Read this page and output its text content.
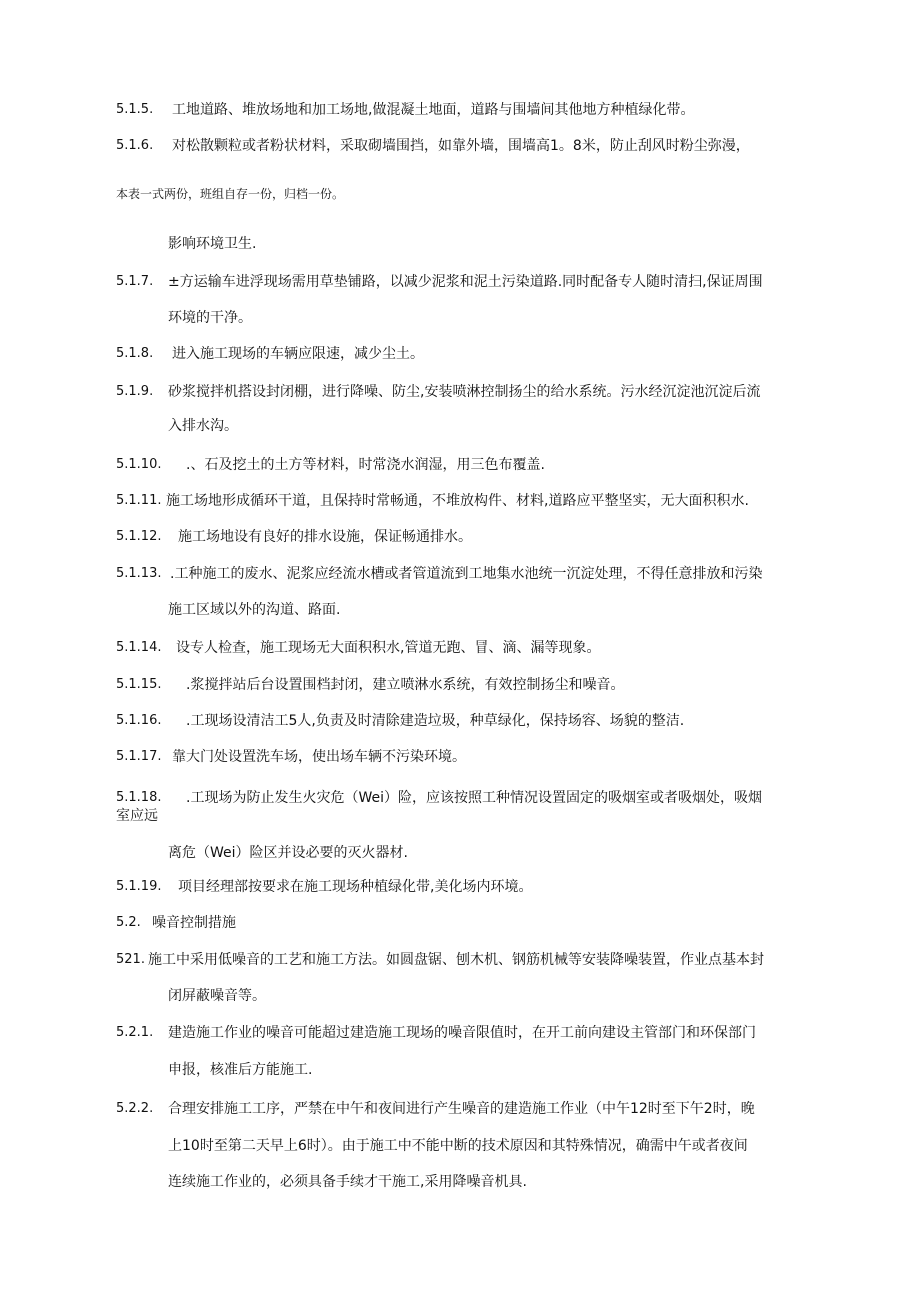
5.1.5. 工地道路、堆放场地和加工场地,做混凝土地面，道路与围墙间其他地方种植绿化带。
5.1.6. 对松散颗粒或者粉状材料，采取砌墙围挡，如靠外墙，围墙高1。8米，防止刮风时粉尘弥漫，
本表一式两份，班组自存一份，归档一份。
影响环境卫生.
5.1.7. ±方运输车进浮现场需用草垫铺路，以减少泥浆和泥土污染道路.同时配备专人随时清扫,保证周围
环境的干净。
5.1.8. 进入施工现场的车辆应限速，减少尘土。
5.1.9. 砂浆搅拌机搭设封闭棚，进行降噪、防尘,安装喷淋控制扬尘的给水系统。污水经沉淀池沉淀后流
入排水沟。
5.1.10. .、石及挖土的土方等材料，时常浇水润湿，用三色布覆盖.
5.1.11. 施工场地形成循环干道，且保持时常畅通，不堆放构件、材料,道路应平整坚实，无大面积积水.
5.1.12. 施工场地设有良好的排水设施，保证畅通排水。
5.1.13. .工种施工的废水、泥浆应经流水槽或者管道流到工地集水池统一沉淀处理，不得任意排放和污染
施工区域以外的沟道、路面.
5.1.14. 设专人检查，施工现场无大面积积水,管道无跑、冒、滴、漏等现象。
5.1.15. .浆搅拌站后台设置围档封闭，建立喷淋水系统，有效控制扬尘和噪音。
5.1.16. .工现场设清洁工5人,负责及时清除建造垃圾，种草绿化，保持场容、场貌的整洁.
5.1.17. 靠大门处设置洗车场，使出场车辆不污染环境。
5.1.18. .工现场为防止发生火灾危（Wei）险，应该按照工种情况设置固定的吸烟室或者吸烟处，吸烟
室应远
离危（Wei）险区并设必要的灭火器材.
5.1.19. 项目经理部按要求在施工现场种植绿化带,美化场内环境。
5.2. 噪音控制措施
521. 施工中采用低噪音的工艺和施工方法。如圆盘锯、刨木机、钢筋机械等安装降噪装置，作业点基本封
闭屏蔽噪音等。
5.2.1. 建造施工作业的噪音可能超过建造施工现场的噪音限值时，在开工前向建设主管部门和环保部门
申报，核准后方能施工.
5.2.2. 合理安排施工工序，严禁在中午和夜间进行产生噪音的建造施工作业（中午12时至下午2时，晚
上10时至第二天早上6时）。由于施工中不能中断的技术原因和其特殊情况，确需中午或者夜间
连续施工作业的，必须具备手续才干施工,采用降噪音机具.
